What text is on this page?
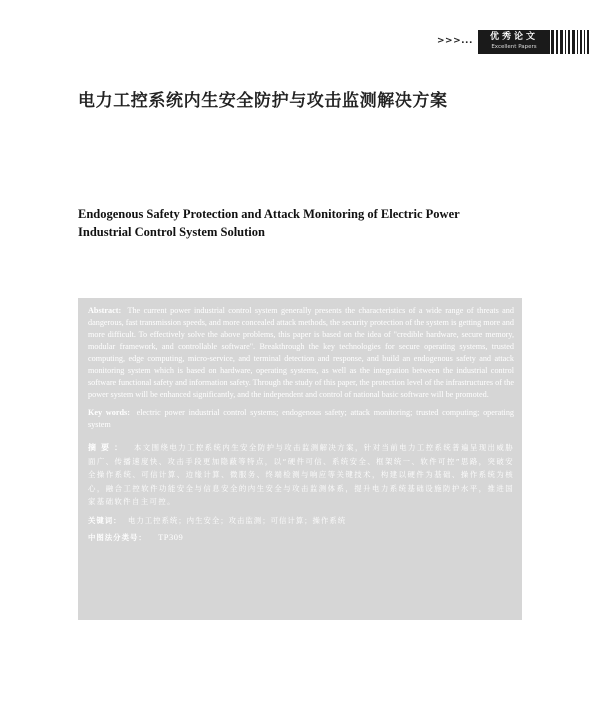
>>>...	优秀论文
Excellent Papers
电力工控系统内生安全防护与攻击监测解决方案
Endogenous Safety Protection and Attack Monitoring of Electric Power
Industrial Control System Solution

Abstract: The current power industrial control system generally presents the characteristics of a wide range of threats and dangerous, fast transmission speeds, and more concealed attack methods, the security protection of the system is getting more and more difficult. To effectively solve the above problems, this paper is based on the idea of "credible hardware, secure memory, modular framework, and controllable software". Breakthrough the key technologies for secure operating systems, trusted computing, edge computing, micro-service, and terminal detection and response, and build an endogenous safety and attack monitoring system which is based on hardware, operating systems, as well as the integration between the industrial control software functional safety and information safety. Through the study of this paper, the protection level of the infrastructures of the power system will be enhanced significantly, and the independent and control of national basic software will be promoted.

Key words: electric power industrial control systems; endogenous safety; attack monitoring; trusted computing; operating system

摘要： 本文围绕电力工控系统内生安全防护与攻击监测解决方案，针对当前电力工控系统普遍呈现出威胁面广、传播速度快、攻击手段更加隐蔽等特点，以“硬件可信、系统安全、框架统一、软件可控”思路，突破安全操作系统、可信计算、边缘计算、微服务、终端检测与响应等关键技术，构建以硬件为基础、操作系统为核心，融合工控软件功能安全与信息安全的内生安全与攻击监测体系，提升电力系统基础设施防护水平，推进国家基础软件自主可控。

关键词： 电力工控系统；内生安全；攻击监测；可信计算；操作系统

中图法分类号： TP309
